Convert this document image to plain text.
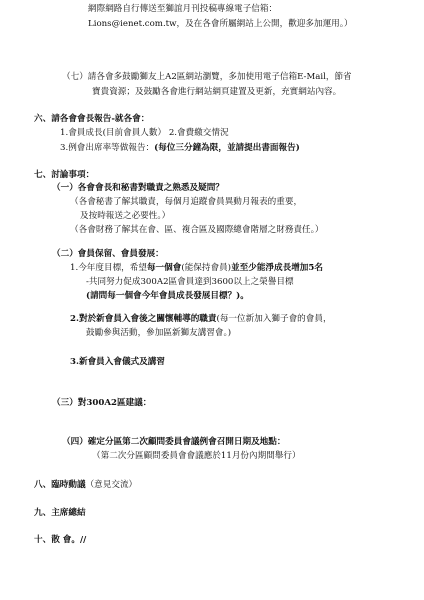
網際網路自行傳送至獅誼月刊投稿專線電子信箱：
Lions@ienet.com.tw，及在各會所屬網站上公開，歡迎多加運用。）
（七）請各會多鼓勵獅友上A2區網站瀏覽，多加使用電子信箱E-Mail，節省
寶貴資源；及鼓勵各會進行網站網頁建置及更新，充實網站內容。
六、請各會會長報告-就各會：
1.會員成長(目前會員人數） 2.會費繳交情況
3.例會出席率等做報告：(每位三分鐘為限，並請提出書面報告)
七、討論事項：
（一）各會會長和秘書對職責之熟悉及疑問？
（各會秘書了解其職責，每個月追蹤會員異動月報表的重要，
及按時報送之必要性。）
（各會財務了解其在會、區、複合區及國際總會階層之財務責任。）
（二）會員保留、會員發展：
1.今年度目標，希望每一個會(能保持會員)並至少能淨成長增加5名
-共同努力促成300A2區會員達到3600以上之榮譽目標
(請問每一個會今年會員成長發展目標？)。
2.對於新會員入會後之關懷輔導的職責(每一位新加入獅子會的會員，
鼓勵參與活動，參加區新獅友講習會。)
3.新會員入會儀式及講習
（三）對300A2區建議：
（四）確定分區第二次顧問委員會議例會召開日期及地點：
（第二次分區顧問委員會會議應於11月份內期間舉行）
八、臨時動議（意見交流）
九、主席總結
十、散 會。//
